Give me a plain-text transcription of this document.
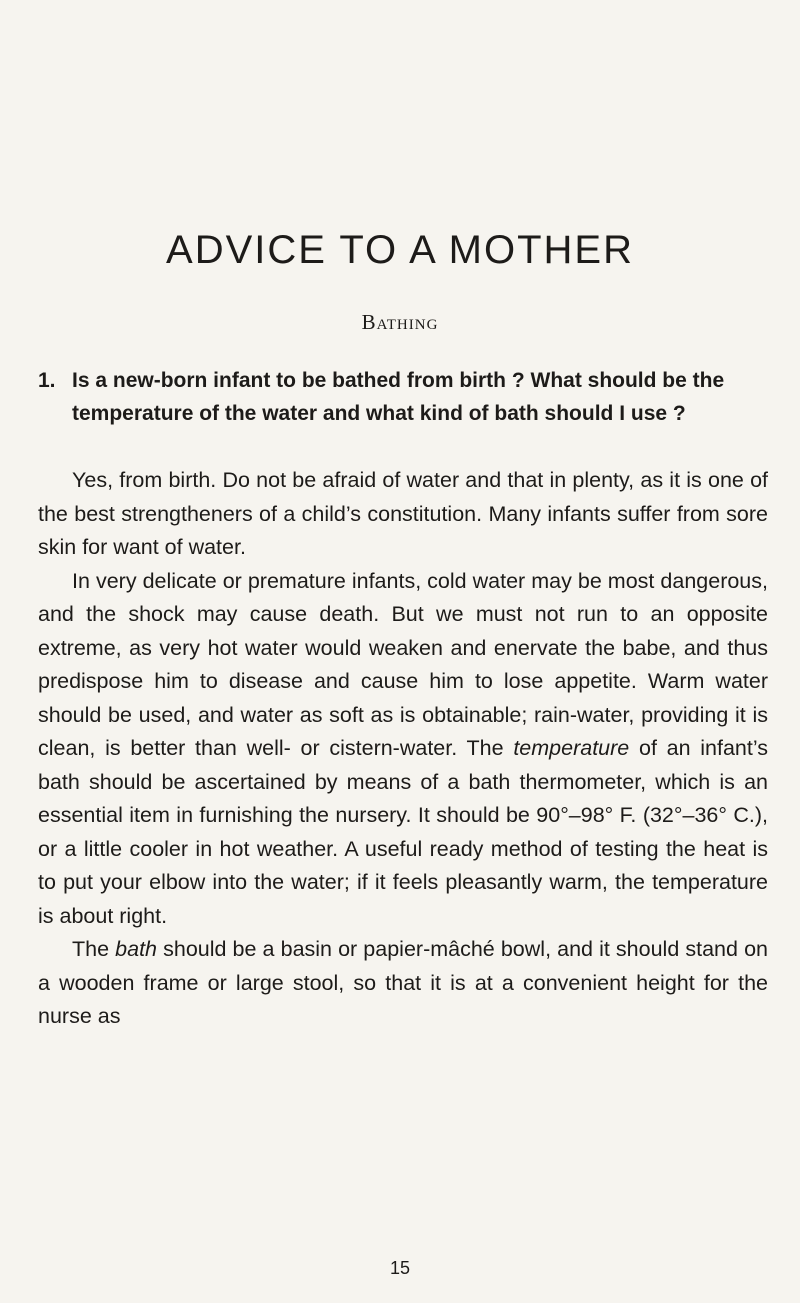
ADVICE TO A MOTHER
Bathing
1. Is a new-born infant to be bathed from birth ? What should be the temperature of the water and what kind of bath should I use ?

Yes, from birth. Do not be afraid of water and that in plenty, as it is one of the best strengtheners of a child’s constitution. Many infants suffer from sore skin for want of water.

In very delicate or premature infants, cold water may be most dangerous, and the shock may cause death. But we must not run to an opposite extreme, as very hot water would weaken and enervate the babe, and thus predispose him to disease and cause him to lose appetite. Warm water should be used, and water as soft as is obtainable; rain-water, providing it is clean, is better than well- or cistern-water. The temperature of an infant’s bath should be ascertained by means of a bath thermometer, which is an essential item in furnishing the nursery. It should be 90°–98° F. (32°–36° C.), or a little cooler in hot weather. A useful ready method of testing the heat is to put your elbow into the water; if it feels pleasantly warm, the temperature is about right.

The bath should be a basin or papier-mâché bowl, and it should stand on a wooden frame or large stool, so that it is at a convenient height for the nurse as

15
